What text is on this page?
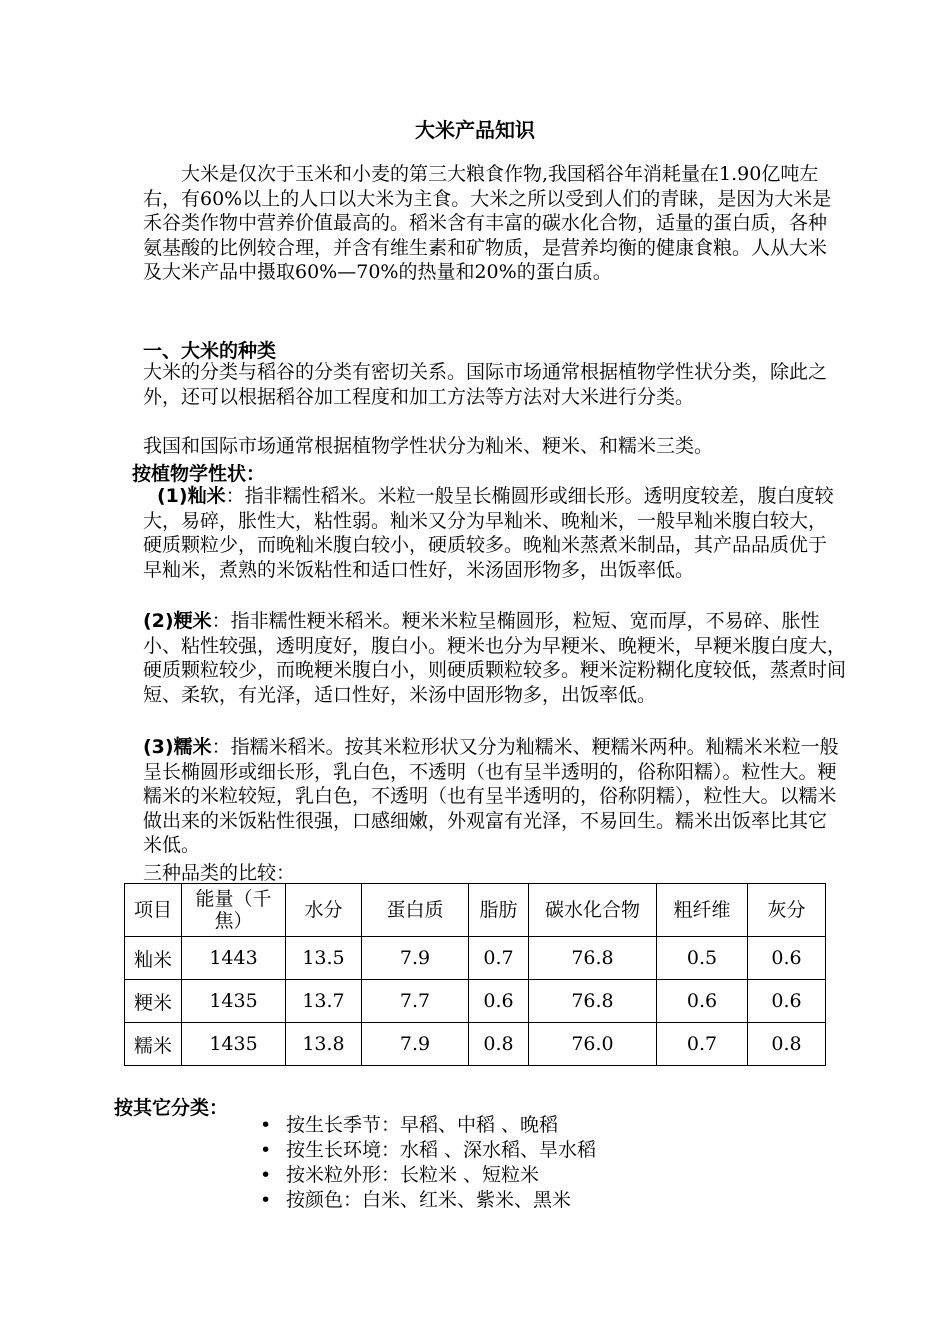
大米产品知识

大米是仅次于玉米和小麦的第三大粮食作物,我国稻谷年消耗量在1.90亿吨左右，有60%以上的人口以大米为主食。大米之所以受到人们的青睐，是因为大米是禾谷类作物中营养价值最高的。稻米含有丰富的碳水化合物，适量的蛋白质，各种氨基酸的比例较合理，并含有维生素和矿物质，是营养均衡的健康食粮。人从大米及大米产品中摄取60%—70%的热量和20%的蛋白质。

一、大米的种类

大米的分类与稻谷的分类有密切关系。国际市场通常根据植物学性状分类，除此之外，还可以根据稻谷加工程度和加工方法等方法对大米进行分类。

我国和国际市场通常根据植物学性状分为籼米、粳米、和糯米三类。

按植物学性状：

(1)籼米：指非糯性稻米。米粒一般呈长椭圆形或细长形。透明度较差，腹白度较大，易碎，胀性大，粘性弱。籼米又分为早籼米、晚籼米，一般早籼米腹白较大，硬质颗粒少，而晚籼米腹白较小，硬质较多。晚籼米蒸煮米制品，其产品品质优于早籼米，煮熟的米饭粘性和适口性好，米汤固形物多，出饭率低。

(2)粳米：指非糯性粳米稻米。粳米米粒呈椭圆形，粒短、宽而厚，不易碎、胀性小、粘性较强，透明度好，腹白小。粳米也分为早粳米、晚粳米，早粳米腹白度大，硬质颗粒较少，而晚粳米腹白小，则硬质颗粒较多。粳米淀粉糊化度较低，蒸煮时间短、柔软，有光泽，适口性好，米汤中固形物多，出饭率低。

(3)糯米：指糯米稻米。按其米粒形状又分为籼糯米、粳糯米两种。籼糯米米粒一般呈长椭圆形或细长形，乳白色，不透明（也有呈半透明的，俗称阳糯）。粒性大。粳糯米的米粒较短，乳白色，不透明（也有呈半透明的，俗称阴糯），粒性大。以糯米做出来的米饭粘性很强，口感细嫩，外观富有光泽，不易回生。糯米出饭率比其它米低。

三种品类的比较：
项目	能量（千焦）	水分	蛋白质	脂肪	碳水化合物	粗纤维	灰分
籼米	1443	13.5	7.9	0.7	76.8	0.5	0.6
粳米	1435	13.7	7.7	0.6	76.8	0.6	0.6
糯米	1435	13.8	7.9	0.8	76.0	0.7	0.8
按其它分类：
• 按生长季节：早稻、中稻 、晚稻
• 按生长环境：水稻 、深水稻、旱水稻
• 按米粒外形：长粒米 、短粒米
• 按颜色：白米、红米、紫米、黑米
